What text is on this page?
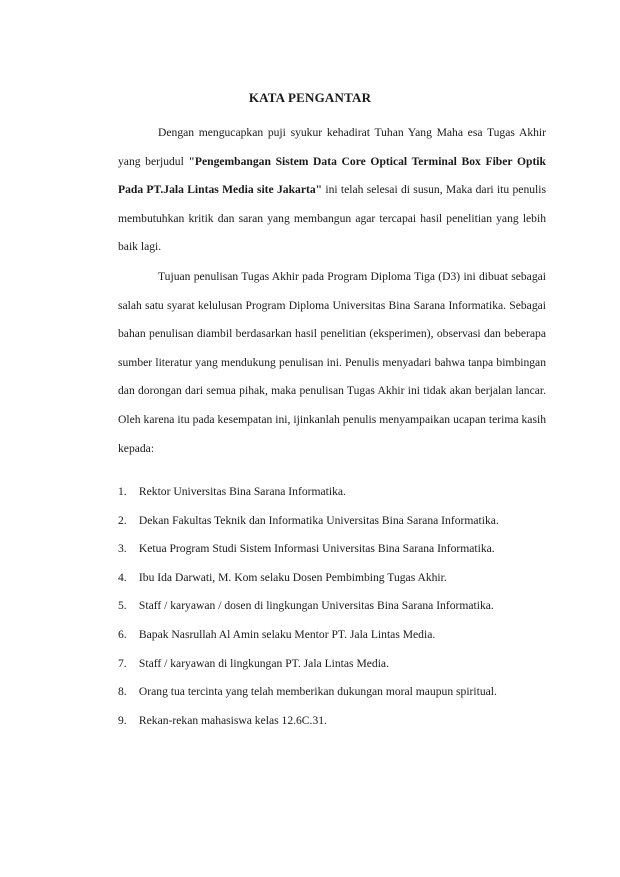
KATA PENGANTAR

Dengan mengucapkan puji syukur kehadirat Tuhan Yang Maha esa Tugas Akhir yang berjudul "Pengembangan Sistem Data Core Optical Terminal Box Fiber Optik Pada PT.Jala Lintas Media site Jakarta" ini telah selesai di susun, Maka dari itu penulis membutuhkan kritik dan saran yang membangun agar tercapai hasil penelitian yang lebih baik lagi.

Tujuan penulisan Tugas Akhir pada Program Diploma Tiga (D3) ini dibuat sebagai salah satu syarat kelulusan Program Diploma Universitas Bina Sarana Informatika. Sebagai bahan penulisan diambil berdasarkan hasil penelitian (eksperimen), observasi dan beberapa sumber literatur yang mendukung penulisan ini. Penulis menyadari bahwa tanpa bimbingan dan dorongan dari semua pihak, maka penulisan Tugas Akhir ini tidak akan berjalan lancar. Oleh karena itu pada kesempatan ini, ijinkanlah penulis menyampaikan ucapan terima kasih kepada:

1. Rektor Universitas Bina Sarana Informatika.
2. Dekan Fakultas Teknik dan Informatika Universitas Bina Sarana Informatika.
3. Ketua Program Studi Sistem Informasi Universitas Bina Sarana Informatika.
4. Ibu Ida Darwati, M. Kom selaku Dosen Pembimbing Tugas Akhir.
5. Staff / karyawan / dosen di lingkungan Universitas Bina Sarana Informatika.
6. Bapak Nasrullah Al Amin selaku Mentor PT. Jala Lintas Media.
7. Staff / karyawan di lingkungan PT. Jala Lintas Media.
8. Orang tua tercinta yang telah memberikan dukungan moral maupun spiritual.
9. Rekan-rekan mahasiswa kelas 12.6C.31.
